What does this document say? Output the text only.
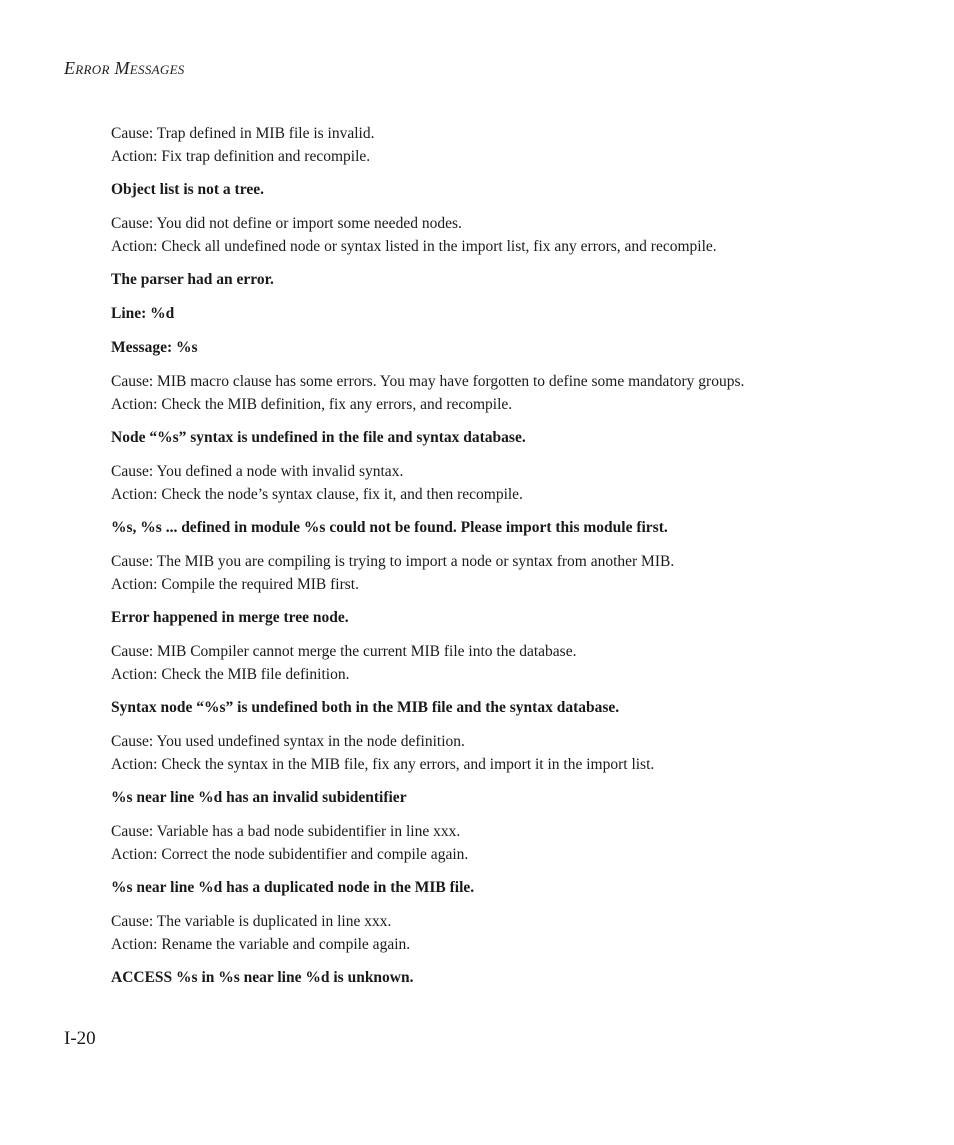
Error Messages

Cause: Trap defined in MIB file is invalid.

Action: Fix trap definition and recompile.

Object list is not a tree.

Cause: You did not define or import some needed nodes.

Action: Check all undefined node or syntax listed in the import list, fix any errors, and recompile.

The parser had an error.

Line: %d

Message: %s

Cause: MIB macro clause has some errors. You may have forgotten to define some mandatory groups.

Action: Check the MIB definition, fix any errors, and recompile.

Node “%s” syntax is undefined in the file and syntax database.

Cause: You defined a node with invalid syntax.

Action: Check the node’s syntax clause, fix it, and then recompile.

%s, %s ... defined in module %s could not be found. Please import this module first.

Cause: The MIB you are compiling is trying to import a node or syntax from another MIB.

Action: Compile the required MIB first.

Error happened in merge tree node.

Cause: MIB Compiler cannot merge the current MIB file into the database.

Action: Check the MIB file definition.

Syntax node “%s” is undefined both in the MIB file and the syntax database.

Cause: You used undefined syntax in the node definition.

Action: Check the syntax in the MIB file, fix any errors, and import it in the import list.

%s near line %d has an invalid subidentifier

Cause: Variable has a bad node subidentifier in line xxx.

Action: Correct the node subidentifier and compile again.

%s near line %d has a duplicated node in the MIB file.

Cause: The variable is duplicated in line xxx.

Action: Rename the variable and compile again.

ACCESS %s in %s near line %d is unknown.

I-20
